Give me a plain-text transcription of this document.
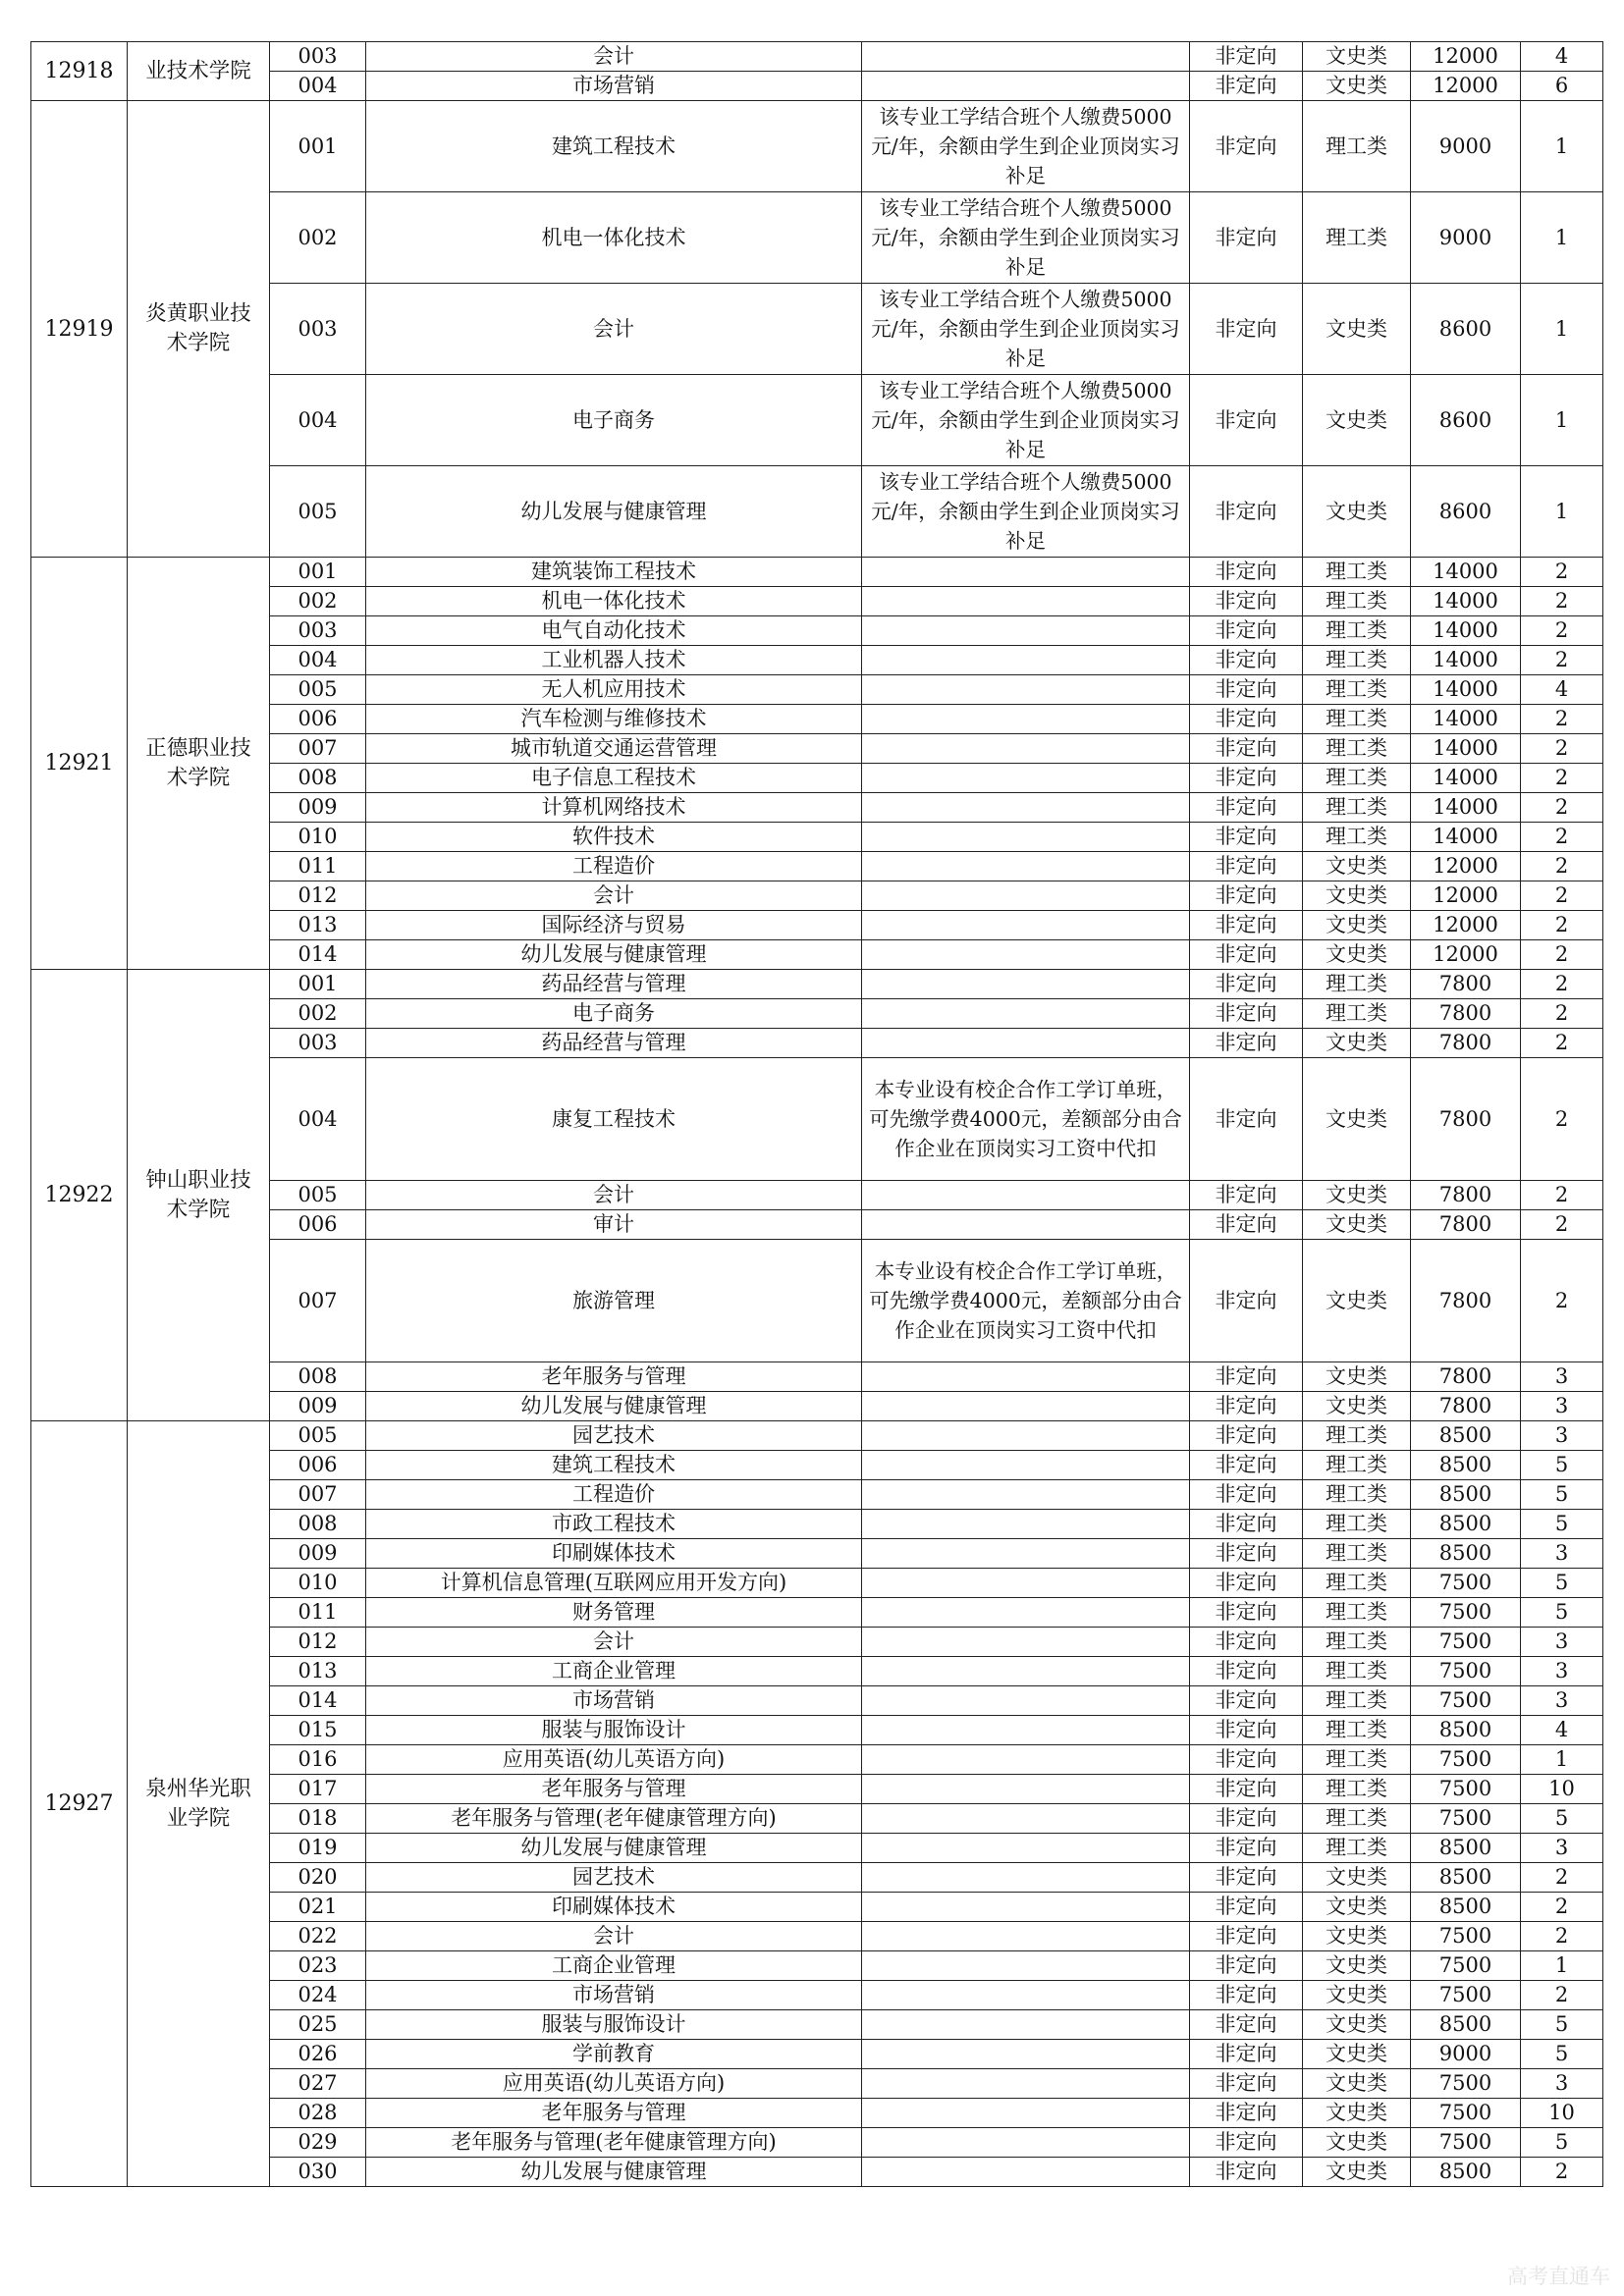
12918	业技术学院	003	会计		非定向	文史类	12000	4
		004	市场营销		非定向	文史类	12000	6
12919	炎黄职业技术学院	001	建筑工程技术	该专业工学结合班个人缴费5000元/年，余额由学生到企业顶岗实习补足	非定向	理工类	9000	1
		002	机电一体化技术	该专业工学结合班个人缴费5000元/年，余额由学生到企业顶岗实习补足	非定向	理工类	9000	1
		003	会计	该专业工学结合班个人缴费5000元/年，余额由学生到企业顶岗实习补足	非定向	文史类	8600	1
		004	电子商务	该专业工学结合班个人缴费5000元/年，余额由学生到企业顶岗实习补足	非定向	文史类	8600	1
		005	幼儿发展与健康管理	该专业工学结合班个人缴费5000元/年，余额由学生到企业顶岗实习补足	非定向	文史类	8600	1
12921	正德职业技术学院	001	建筑装饰工程技术		非定向	理工类	14000	2
		002	机电一体化技术		非定向	理工类	14000	2
		003	电气自动化技术		非定向	理工类	14000	2
		004	工业机器人技术		非定向	理工类	14000	2
		005	无人机应用技术		非定向	理工类	14000	4
		006	汽车检测与维修技术		非定向	理工类	14000	2
		007	城市轨道交通运营管理		非定向	理工类	14000	2
		008	电子信息工程技术		非定向	理工类	14000	2
		009	计算机网络技术		非定向	理工类	14000	2
		010	软件技术		非定向	理工类	14000	2
		011	工程造价		非定向	文史类	12000	2
		012	会计		非定向	文史类	12000	2
		013	国际经济与贸易		非定向	文史类	12000	2
		014	幼儿发展与健康管理		非定向	文史类	12000	2
12922	钟山职业技术学院	001	药品经营与管理		非定向	理工类	7800	2
		002	电子商务		非定向	理工类	7800	2
		003	药品经营与管理		非定向	文史类	7800	2
		004	康复工程技术	本专业设有校企合作工学订单班，可先缴学费4000元，差额部分由合作企业在顶岗实习工资中代扣	非定向	文史类	7800	2
		005	会计		非定向	文史类	7800	2
		006	审计		非定向	文史类	7800	2
		007	旅游管理	本专业设有校企合作工学订单班，可先缴学费4000元，差额部分由合作企业在顶岗实习工资中代扣	非定向	文史类	7800	2
		008	老年服务与管理		非定向	文史类	7800	3
		009	幼儿发展与健康管理		非定向	文史类	7800	3
12927	泉州华光职业学院	005	园艺技术		非定向	理工类	8500	3
		006	建筑工程技术		非定向	理工类	8500	5
		007	工程造价		非定向	理工类	8500	5
		008	市政工程技术		非定向	理工类	8500	5
		009	印刷媒体技术		非定向	理工类	8500	3
		010	计算机信息管理(互联网应用开发方向)		非定向	理工类	7500	5
		011	财务管理		非定向	理工类	7500	5
		012	会计		非定向	理工类	7500	3
		013	工商企业管理		非定向	理工类	7500	3
		014	市场营销		非定向	理工类	7500	3
		015	服装与服饰设计		非定向	理工类	8500	4
		016	应用英语(幼儿英语方向)		非定向	理工类	7500	1
		017	老年服务与管理		非定向	理工类	7500	10
		018	老年服务与管理(老年健康管理方向)		非定向	理工类	7500	5
		019	幼儿发展与健康管理		非定向	理工类	8500	3
		020	园艺技术		非定向	文史类	8500	2
		021	印刷媒体技术		非定向	文史类	8500	2
		022	会计		非定向	文史类	7500	2
		023	工商企业管理		非定向	文史类	7500	1
		024	市场营销		非定向	文史类	7500	2
		025	服装与服饰设计		非定向	文史类	8500	5
		026	学前教育		非定向	文史类	9000	5
		027	应用英语(幼儿英语方向)		非定向	文史类	7500	3
		028	老年服务与管理		非定向	文史类	7500	10
		029	老年服务与管理(老年健康管理方向)		非定向	文史类	7500	5
		030	幼儿发展与健康管理		非定向	文史类	8500	2
高考直通车
